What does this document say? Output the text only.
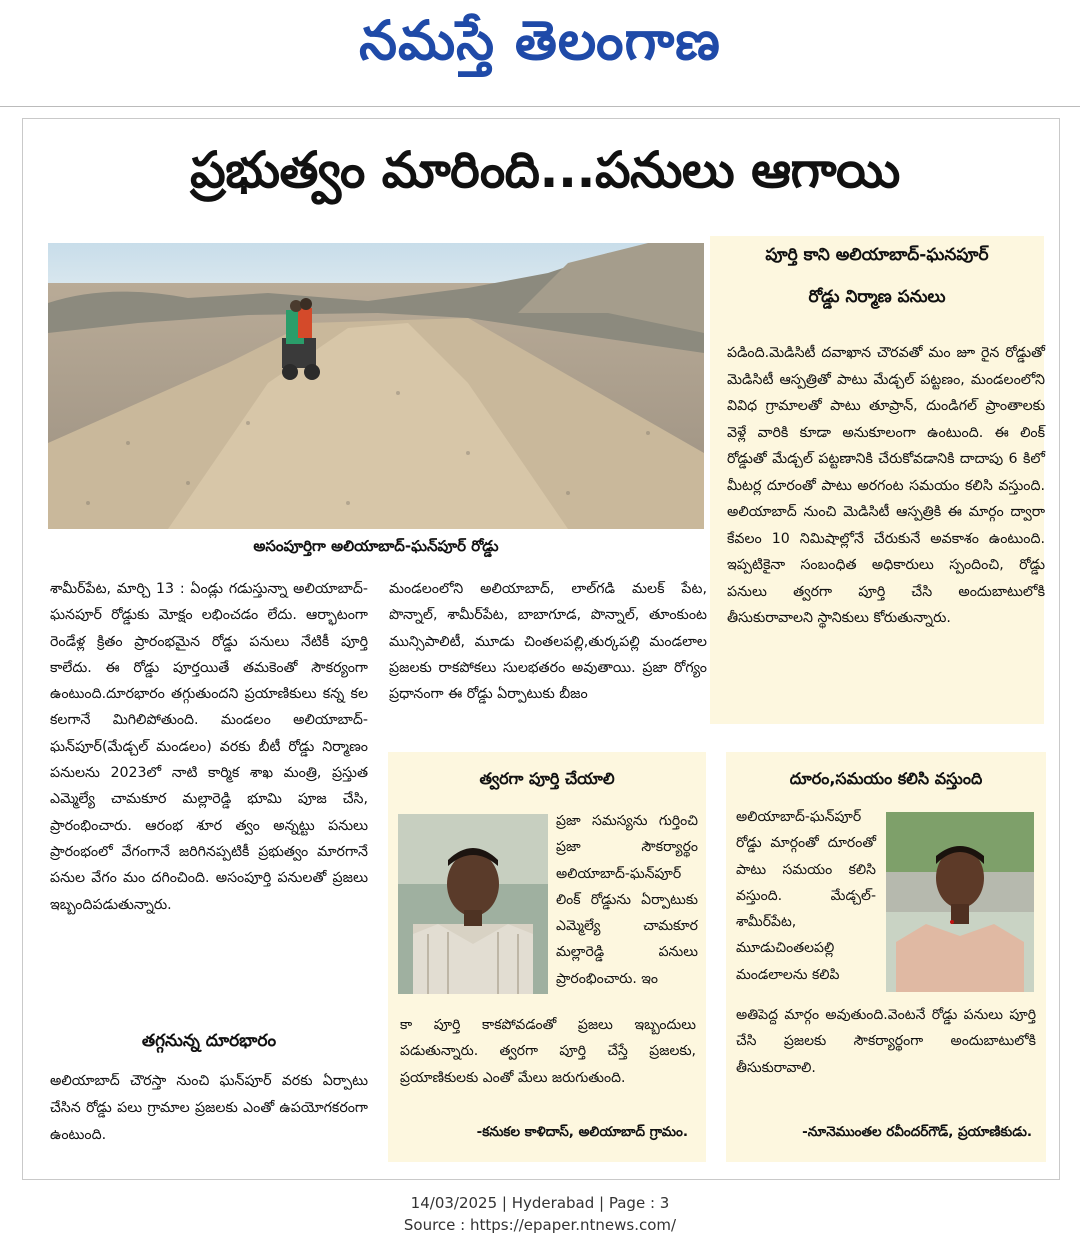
నమస్తే తెలంగాణ
ప్రభుత్వం మారింది...పనులు ఆగాయి
అసంపూర్తిగా అలియాబాద్-ఘన్‌పూర్ రోడ్డు
పూర్తి కాని అలియాబాద్-ఘనపూర్
రోడ్డు నిర్మాణ పనులు
పడింది.మెడిసిటీ దవాఖాన చౌరవతో మం జూ రైన రోడ్డుతో మెడిసిటీ ఆస్పత్రితో పాటు మేడ్చల్ పట్టణం, మండలంలోని వివిధ గ్రామాలతో పాటు తూప్రాన్, దుండిగల్ ప్రాంతాలకు వెళ్లే వారికి కూడా అనుకూలంగా ఉంటుంది. ఈ లింక్ రోడ్డుతో మేడ్చల్ పట్టణానికి చేరుకోవడానికి దాదాపు 6 కిలో మీటర్ల దూరంతో పాటు అరగంట సమయం కలిసి వస్తుంది. అలియాబాద్ నుంచి మెడిసిటీ ఆస్పత్రికి ఈ మార్గం ద్వారా కేవలం 10 నిమిషాల్లోనే చేరుకునే అవకాశం ఉంటుంది. ఇప్పటికైనా సంబంధిత అధికారులు స్పందించి, రోడ్డు పనులు త్వరగా పూర్తి చేసి అందుబాటులోకి తీసుకురావాలని స్థానికులు కోరుతున్నారు.
శామీర్‌పేట, మార్చి 13 : ఏండ్లు గడుస్తున్నా అలియాబాద్-ఘనపూర్ రోడ్డుకు మోక్షం లభించడం లేదు. ఆర్భాటంగా రెండేళ్ల క్రితం ప్రారంభమైన రోడ్డు పనులు నేటికీ పూర్తి కాలేదు. ఈ రోడ్డు పూర్తయితే తమకెంతో సౌకర్యంగా ఉంటుంది.దూరభారం తగ్గుతుందని ప్రయాణికులు కన్న కల కలగానే మిగిలిపోతుంది. మండలం అలియాబాద్- ఘన్‌పూర్(మేడ్చల్ మండలం) వరకు బీటీ రోడ్డు నిర్మాణం పనులను 2023లో నాటి కార్మిక శాఖ మంత్రి, ప్రస్తుత ఎమ్మెల్యే చామకూర మల్లారెడ్డి భూమి పూజ చేసి, ప్రారంభించారు. ఆరంభ శూర త్వం అన్నట్టు పనులు ప్రారంభంలో వేగంగానే జరిగినప్పటికీ ప్రభుత్వం మారగానే పనుల వేగం మం దగించింది. అసంపూర్తి పనులతో ప్రజలు ఇబ్బందిపడుతున్నారు.
మండలంలోని అలియాబాద్, లాల్‌గడి మలక్ పేట, పొన్నాల్, శామీర్‌పేట, బాబాగూడ, పొన్నాల్, తూంకుంట మున్సిపాలిటీ, మూడు చింతలపల్లి,తుర్కపల్లి మండలాల ప్రజలకు రాకపోకలు సులభతరం అవుతాయి. ప్రజా రోగ్యం ప్రధానంగా ఈ రోడ్డు ఏర్పాటుకు బీజం
తగ్గనున్న దూరభారం
అలియాబాద్ చౌరస్తా నుంచి ఘన్‌పూర్ వరకు ఏర్పాటు చేసిన రోడ్డు పలు గ్రామాల ప్రజలకు ఎంతో ఉపయోగకరంగా ఉంటుంది.
త్వరగా పూర్తి చేయాలి
ప్రజా సమస్యను గుర్తించి ప్రజా సౌకర్యార్థం అలియాబాద్-ఘన్‌పూర్ లింక్ రోడ్డును ఏర్పాటుకు ఎమ్మెల్యే చామకూర మల్లారెడ్డి పనులు ప్రారంభించారు. ఇం
కా పూర్తి కాకపోవడంతో ప్రజలు ఇబ్బందులు పడుతున్నారు. త్వరగా పూర్తి చేస్తే ప్రజలకు, ప్రయాణికులకు ఎంతో మేలు జరుగుతుంది.
-కనుకల కాళిదాస్, అలియాబాద్ గ్రామం.
దూరం,సమయం కలిసి వస్తుంది
అలియాబాద్-ఘన్‌పూర్ రోడ్డు మార్గంతో దూరంతో పాటు సమయం కలిసి వస్తుంది. మేడ్చల్-శామీర్‌పేట, మూడుచింతలపల్లి మండలాలను కలిపి
అతిపెద్ద మార్గం అవుతుంది.వెంటనే రోడ్డు పనులు పూర్తి చేసి ప్రజలకు సౌకర్యార్థంగా అందుబాటులోకి తీసుకురావాలి.
-నూనెముంతల రవీందర్‌గౌడ్, ప్రయాణికుడు.
14/03/2025 | Hyderabad | Page : 3
Source : https://epaper.ntnews.com/
